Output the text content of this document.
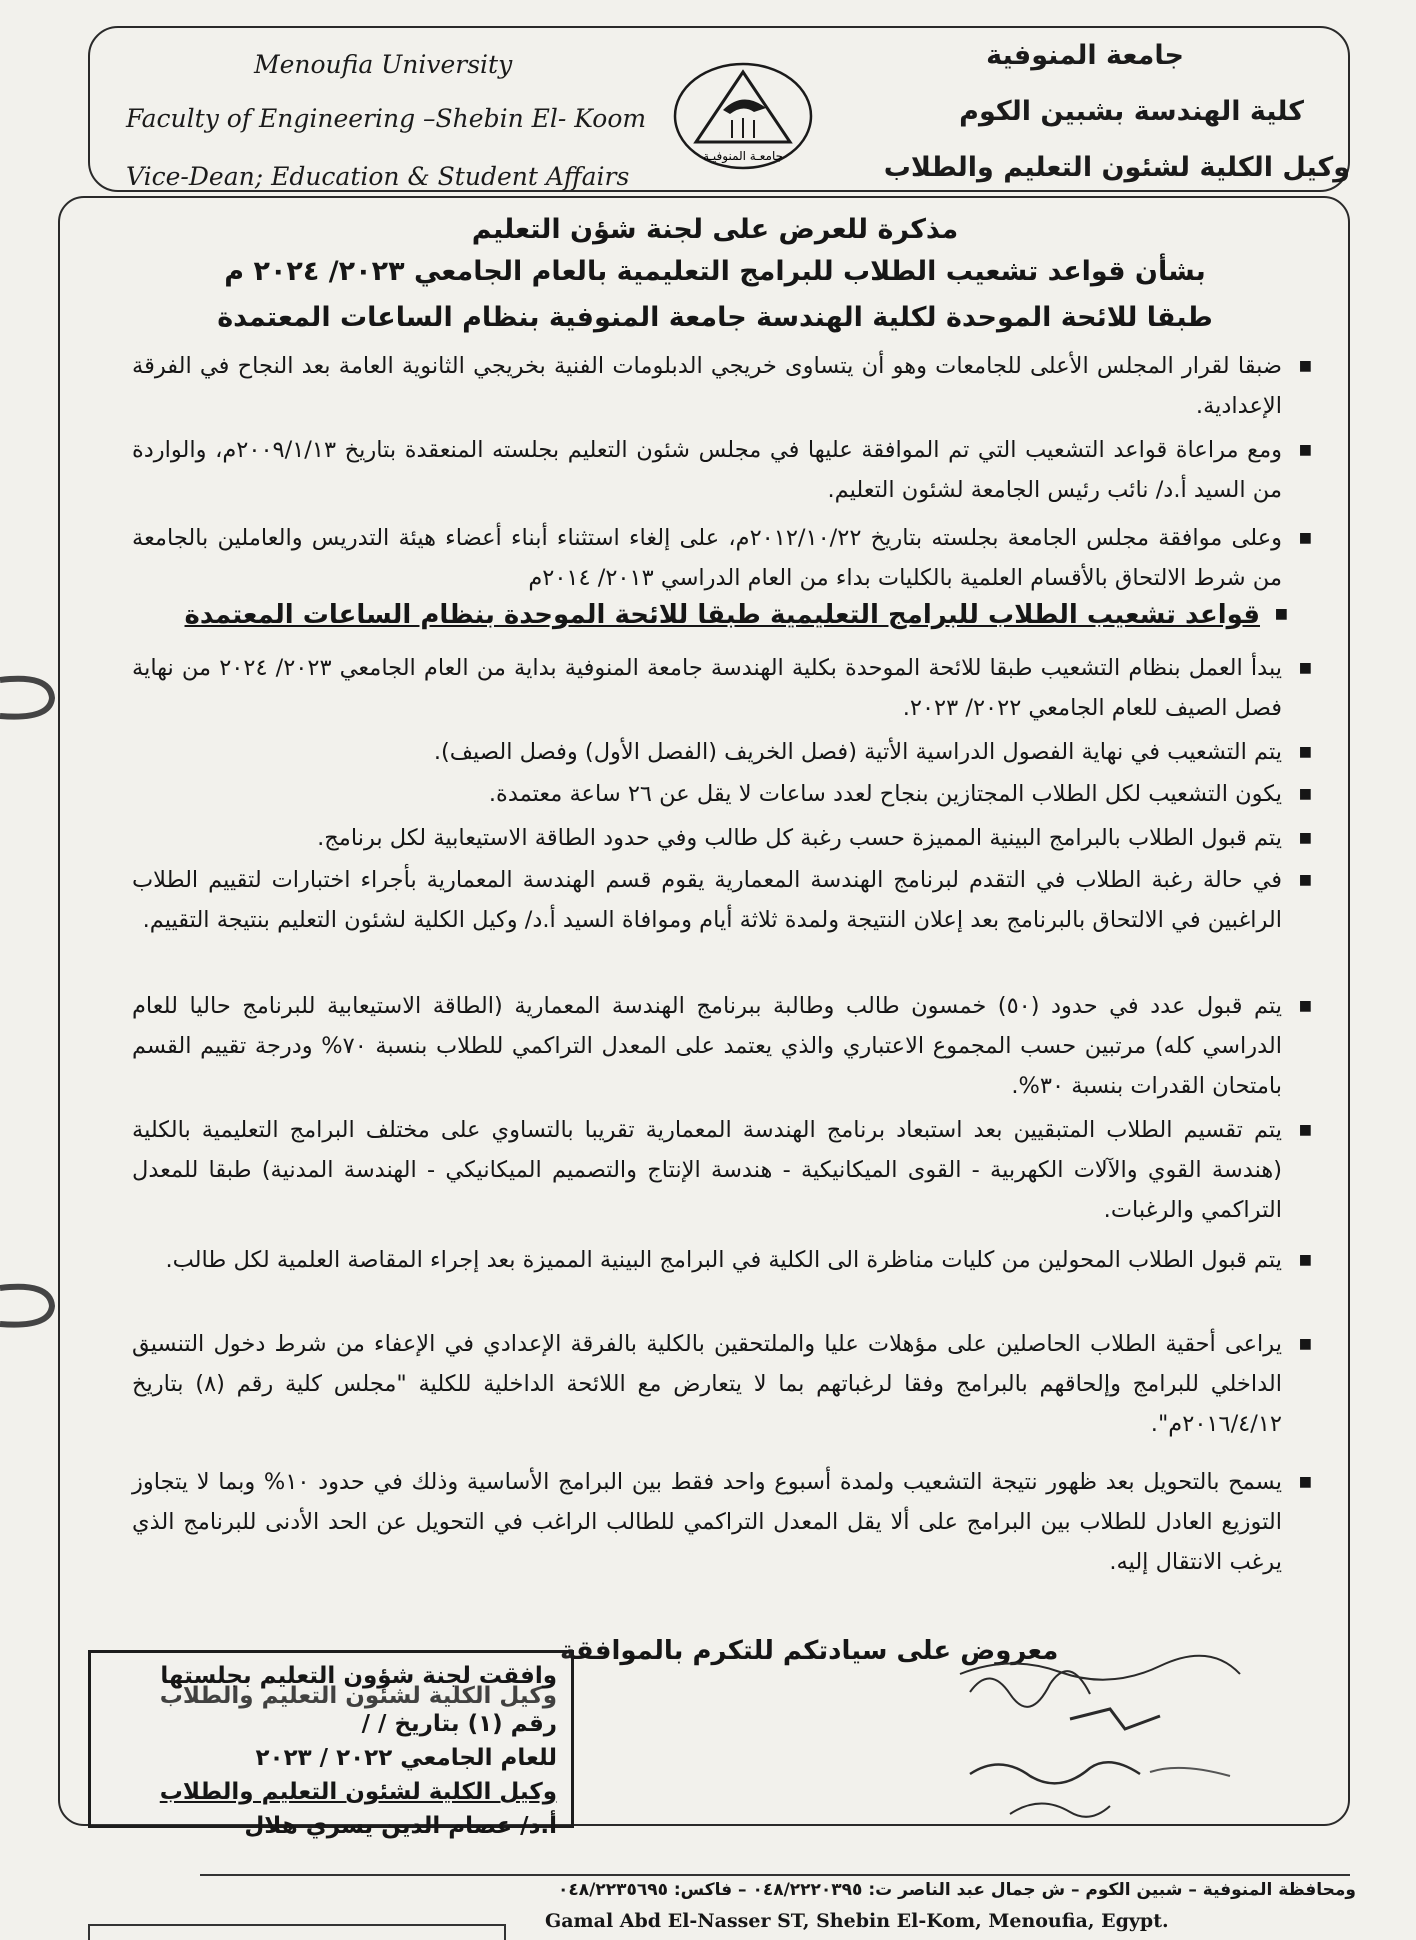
Menoufia University
Faculty of Engineering –Shebin El- Koom
Vice-Dean; Education & Student Affairs
جامعة المنوفية
كلية الهندسة بشبين الكوم
وكيل الكلية لشئون التعليم والطلاب
جامعـة المنوفيـة
مذكرة للعرض على لجنة شؤن التعليم
بشأن قواعد تشعيب الطلاب للبرامج التعليمية بالعام الجامعي ٢٠٢٣/ ٢٠٢٤ م
طبقا للائحة الموحدة لكلية الهندسة جامعة المنوفية بنظام الساعات المعتمدة
■
ضبقا لقرار المجلس الأعلى للجامعات وهو أن يتساوى خريجي الدبلومات الفنية بخريجي الثانوية العامة بعد النجاح في الفرقة الإعدادية.
■
ومع مراعاة قواعد التشعيب التي تم الموافقة عليها في مجلس شئون التعليم بجلسته المنعقدة بتاريخ ٢٠٠٩/١/١٣م، والواردة من السيد أ.د/ نائب رئيس الجامعة لشئون التعليم.
■
وعلى موافقة مجلس الجامعة بجلسته بتاريخ ٢٠١٢/١٠/٢٢م، على إلغاء استثناء أبناء أعضاء هيئة التدريس والعاملين بالجامعة من شرط الالتحاق بالأقسام العلمية بالكليات بداء من العام الدراسي ٢٠١٣/ ٢٠١٤م
■
قواعد تشعيب الطلاب للبرامج التعليمية طبقا للائحة الموحدة بنظام الساعات المعتمدة
■
يبدأ العمل بنظام التشعيب طبقا للائحة الموحدة بكلية الهندسة جامعة المنوفية بداية من العام الجامعي ٢٠٢٣/ ٢٠٢٤ من نهاية فصل الصيف للعام الجامعي ٢٠٢٢/ ٢٠٢٣.
■
يتم التشعيب في نهاية الفصول الدراسية الأتية (فصل الخريف (الفصل الأول) وفصل الصيف).
■
يكون التشعيب لكل الطلاب المجتازين بنجاح لعدد ساعات لا يقل عن ٢٦ ساعة معتمدة.
■
يتم قبول الطلاب بالبرامج البينية المميزة حسب رغبة كل طالب وفي حدود الطاقة الاستيعابية لكل برنامج.
■
في حالة رغبة الطلاب في التقدم لبرنامج الهندسة المعمارية يقوم قسم الهندسة المعمارية بأجراء اختبارات لتقييم الطلاب الراغبين في الالتحاق بالبرنامج بعد إعلان النتيجة ولمدة ثلاثة أيام وموافاة السيد أ.د/ وكيل الكلية لشئون التعليم بنتيجة التقييم.
■
يتم قبول عدد في حدود (٥٠) خمسون طالب وطالبة ببرنامج الهندسة المعمارية (الطاقة الاستيعابية للبرنامج حاليا للعام الدراسي كله) مرتبين حسب المجموع الاعتباري والذي يعتمد على المعدل التراكمي للطلاب بنسبة ٧٠% ودرجة تقييم القسم بامتحان القدرات بنسبة ٣٠%.
■
يتم تقسيم الطلاب المتبقيين بعد استبعاد برنامج الهندسة المعمارية تقريبا بالتساوي على مختلف البرامج التعليمية بالكلية (هندسة القوي والآلات الكهربية - القوى الميكانيكية - هندسة الإنتاج والتصميم الميكانيكي - الهندسة المدنية) طبقا للمعدل التراكمي والرغبات.
■
يتم قبول الطلاب المحولين من كليات مناظرة الى الكلية في البرامج البينية المميزة بعد إجراء المقاصة العلمية لكل طالب.
■
يراعى أحقية الطلاب الحاصلين على مؤهلات عليا والملتحقين بالكلية بالفرقة الإعدادي في الإعفاء من شرط دخول التنسيق الداخلي للبرامج وإلحاقهم بالبرامج وفقا لرغباتهم بما لا يتعارض مع اللائحة الداخلية للكلية "مجلس كلية رقم (٨) بتاريخ ٢٠١٦/٤/١٢م".
■
يسمح بالتحويل بعد ظهور نتيجة التشعيب ولمدة أسبوع واحد فقط بين البرامج الأساسية وذلك في حدود ١٠% وبما لا يتجاوز التوزيع العادل للطلاب بين البرامج على ألا يقل المعدل التراكمي للطالب الراغب في التحويل عن الحد الأدنى للبرنامج الذي يرغب الانتقال إليه.
معروض على سيادتكم للتكرم بالموافقة
وافقت لجنة شؤون التعليم بجلستها
وكيل الكلية لشئون التعليم والطلاب
رقم (١) بتاريخ / /
للعام الجامعي ٢٠٢٢ / ٢٠٢٣
وكيل الكلية لشئون التعليم والطلاب
أ.د/ عصام الدين يسري هلال
ومحافظة المنوفية – شبين الكوم – ش جمال عبد الناصر ت: ٠٤٨/٢٢٢٠٣٩٥ – فاكس: ٠٤٨/٢٢٣٥٦٩٥
Gamal Abd El-Nasser ST, Shebin El-Kom, Menoufia, Egypt.
